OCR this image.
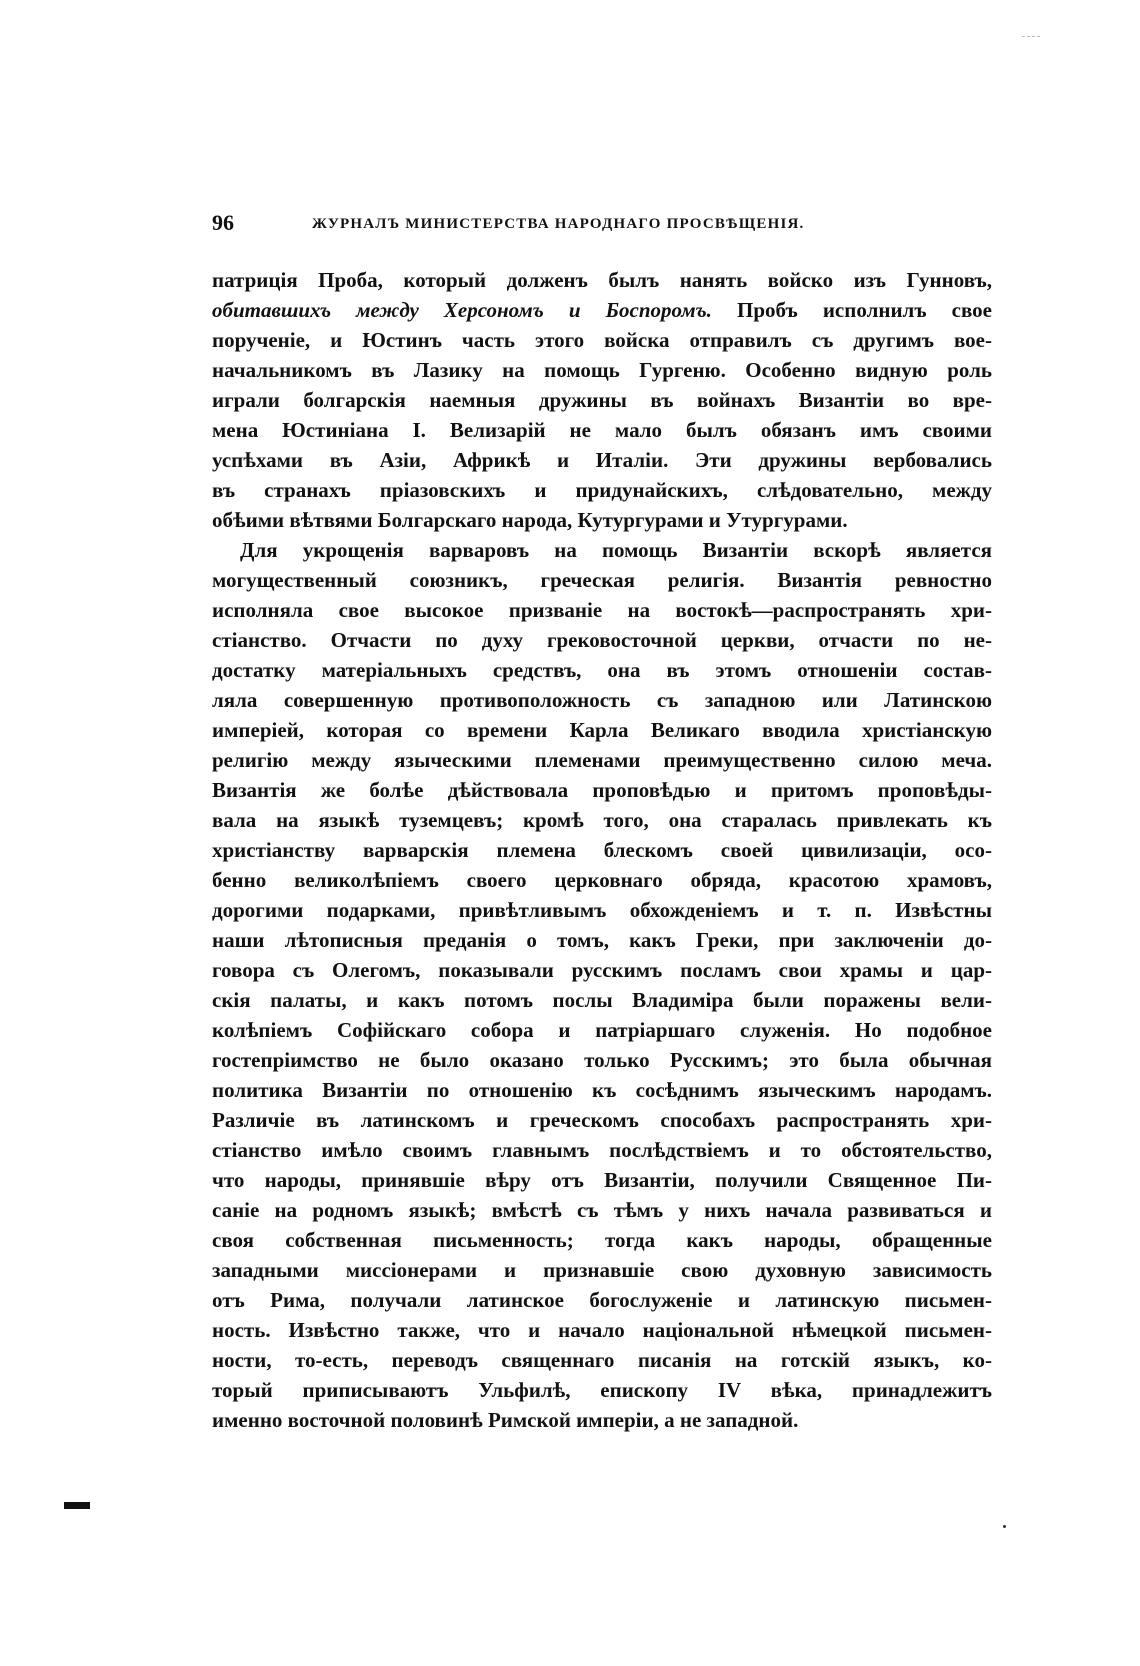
96	ЖУРНАЛЪ МИНИСТЕРСТВА НАРОДНАГО ПРОСВѢЩЕНІЯ.
патриція Проба, который долженъ былъ нанять войско изъ Гунновъ,
обитавшихъ между Херсономъ и Боспоромъ. Пробъ исполнилъ свое
порученіе, и Юстинъ часть этого войска отправилъ съ другимъ вое-
начальникомъ въ Лазику на помощь Гургеню. Особенно видную роль
играли болгарскія наемныя дружины въ войнахъ Византіи во вре-
мена Юстиніана I. Велизарій не мало былъ обязанъ имъ своими
успѣхами въ Азіи, Африкѣ и Италіи. Эти дружины вербовались
въ странахъ пріазовскихъ и придунайскихъ, слѣдовательно, между
обѣими вѣтвями Болгарскаго народа, Кутургурами и Утургурами.
Для укрощенія варваровъ на помощь Византіи вскорѣ является
могущественный союзникъ, греческая религія. Византія ревностно
исполняла свое высокое призваніе на востокѣ—распространять хри-
стіанство. Отчасти по духу грековосточной церкви, отчасти по не-
достатку матеріальныхъ средствъ, она въ этомъ отношеніи состав-
ляла совершенную противоположность съ западною или Латинскою
имперіей, которая со времени Карла Великаго вводила христіанскую
религію между языческими племенами преимущественно силою меча.
Византія же болѣе дѣйствовала проповѣдью и притомъ проповѣды-
вала на языкѣ туземцевъ; кромѣ того, она старалась привлекать къ
христіанству варварскія племена блескомъ своей цивилизаціи, осо-
бенно великолѣпіемъ своего церковнаго обряда, красотою храмовъ,
дорогими подарками, привѣтливымъ обхожденіемъ и т. п. Извѣстны
наши лѣтописныя преданія о томъ, какъ Греки, при заключеніи до-
говора съ Олегомъ, показывали русскимъ посламъ свои храмы и цар-
скія палаты, и какъ потомъ послы Владиміра были поражены вели-
колѣпіемъ Софійскаго собора и патріаршаго служенія. Но подобное
гостепріимство не было оказано только Русскимъ; это была обычная
политика Византіи по отношенію къ сосѣднимъ языческимъ народамъ.
Различіе въ латинскомъ и греческомъ способахъ распространять хри-
стіанство имѣло своимъ главнымъ послѣдствіемъ и то обстоятельство,
что народы, принявшіе вѣру отъ Византіи, получили Священное Пи-
саніе на родномъ языкѣ; вмѣстѣ съ тѣмъ у нихъ начала развиваться и
своя собственная письменность; тогда какъ народы, обращенные
западными миссіонерами и признавшіе свою духовную зависимость
отъ Рима, получали латинское богослуженіе и латинскую письмен-
ность. Извѣстно также, что и начало національной нѣмецкой письмен-
ности, то-есть, переводъ священнаго писанія на готскій языкъ, ко-
торый приписываютъ Ульфилѣ, епископу IV вѣка, принадлежитъ
именно восточной половинѣ Римской имперіи, а не западной.
